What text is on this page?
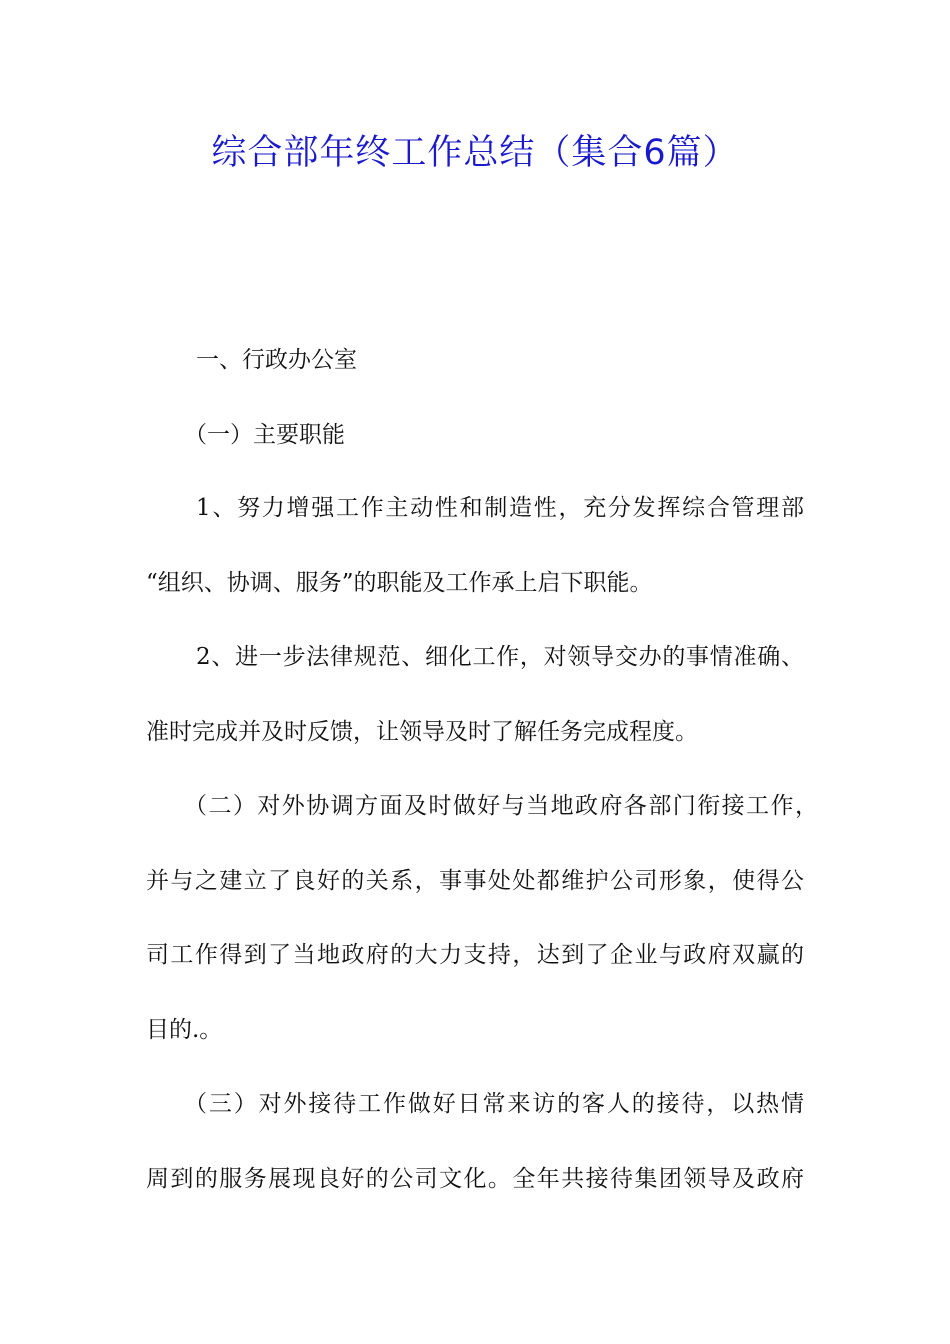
综合部年终工作总结（集合6篇）
一、行政办公室
（一）主要职能
1、努力增强工作主动性和制造性，充分发挥综合管理部
“组织、协调、服务”的职能及工作承上启下职能。
2、进一步法律规范、细化工作，对领导交办的事情准确、
准时完成并及时反馈，让领导及时了解任务完成程度。
（二）对外协调方面及时做好与当地政府各部门衔接工作，
并与之建立了良好的关系，事事处处都维护公司形象，使得公
司工作得到了当地政府的大力支持，达到了企业与政府双赢的
目的.。
（三）对外接待工作做好日常来访的客人的接待，以热情
周到的服务展现良好的公司文化。全年共接待集团领导及政府
